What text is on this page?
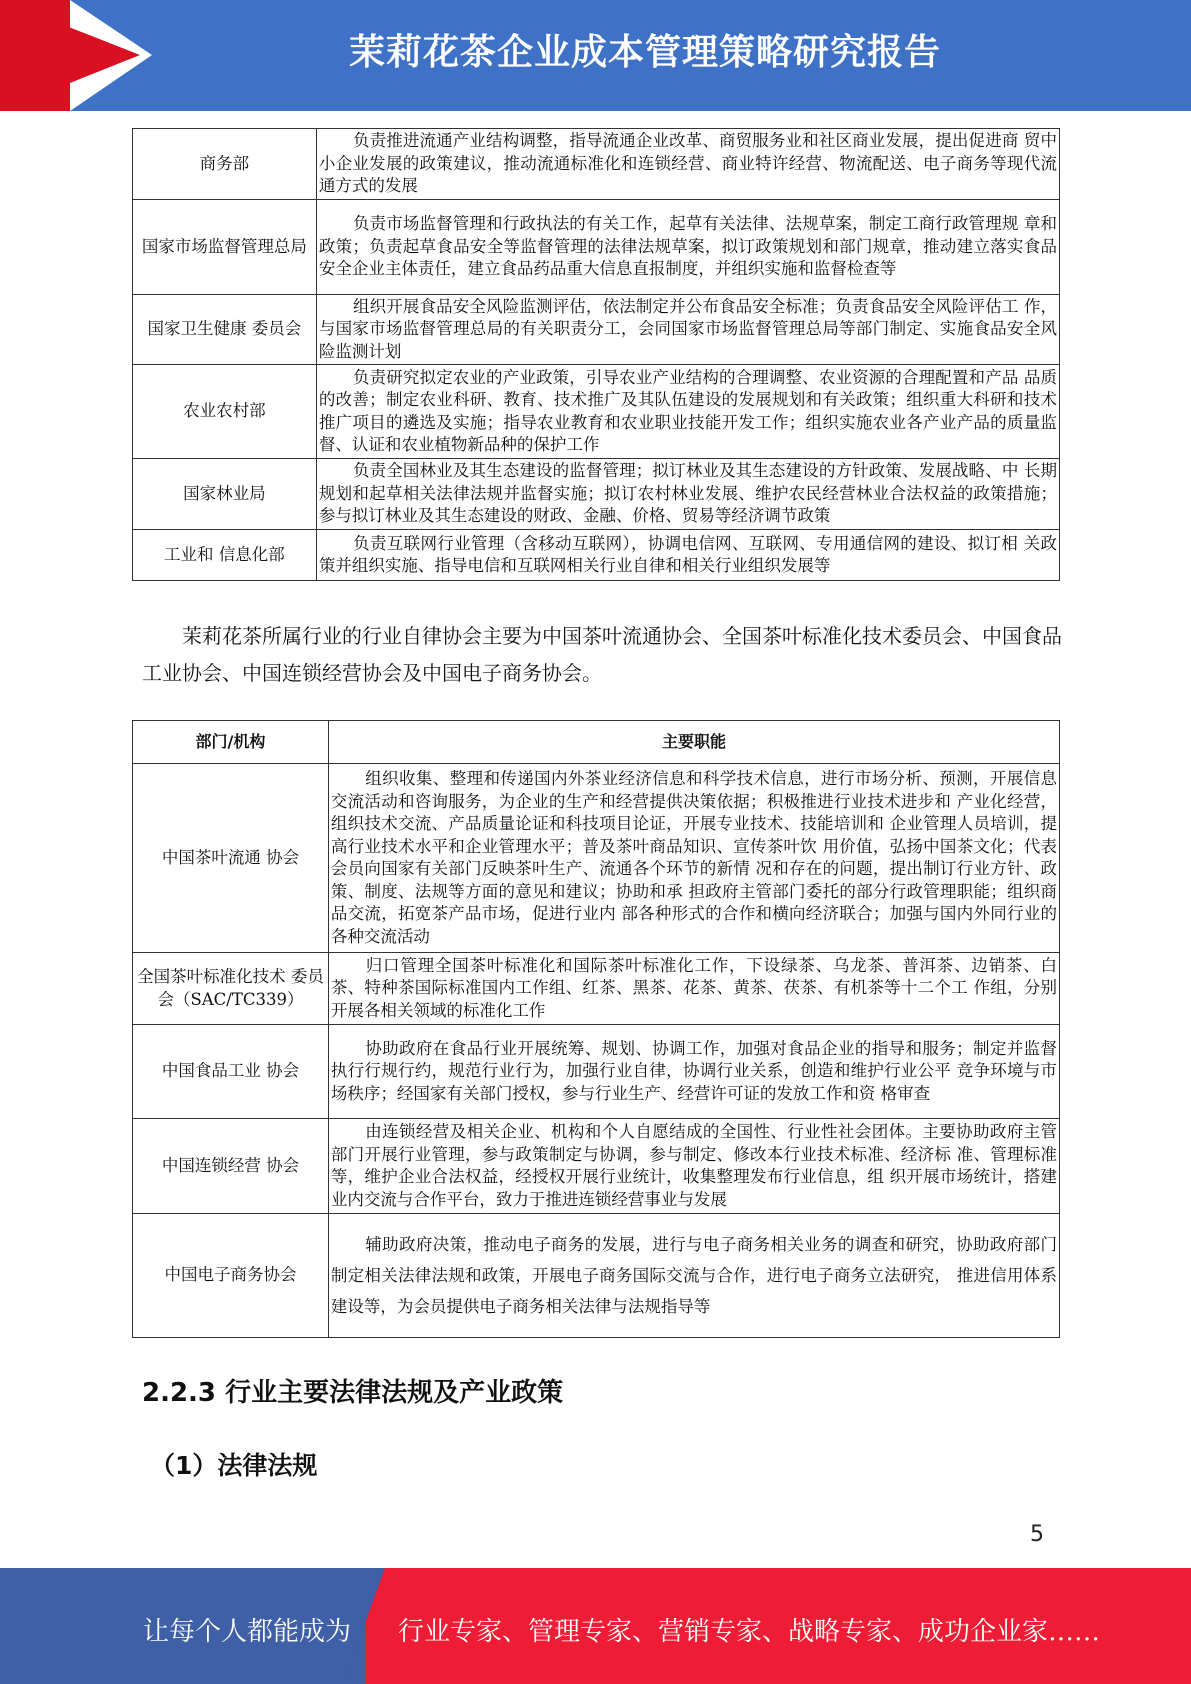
茉莉花茶企业成本管理策略研究报告
商务部	负责推进流通产业结构调整，指导流通企业改革、商贸服务业和社区商业发展，提出促进商 贸中小企业发展的政策建议，推动流通标准化和连锁经营、商业特许经营、物流配送、电子商务等现代流通方式的发展
国家市场监督管理总局	负责市场监督管理和行政执法的有关工作，起草有关法律、法规草案，制定工商行政管理规 章和政策；负责起草食品安全等监督管理的法律法规草案，拟订政策规划和部门规章，推动建立落实食品安全企业主体责任，建立食品药品重大信息直报制度，并组织实施和监督检查等
国家卫生健康 委员会	组织开展食品安全风险监测评估，依法制定并公布食品安全标准；负责食品安全风险评估工 作，与国家市场监督管理总局的有关职责分工，会同国家市场监督管理总局等部门制定、实施食品安全风险监测计划
农业农村部	负责研究拟定农业的产业政策，引导农业产业结构的合理调整、农业资源的合理配置和产品 品质的改善；制定农业科研、教育、技术推广及其队伍建设的发展规划和有关政策；组织重大科研和技术推广项目的遴选及实施；指导农业教育和农业职业技能开发工作；组织实施农业各产业产品的质量监督、认证和农业植物新品种的保护工作
国家林业局	负责全国林业及其生态建设的监督管理；拟订林业及其生态建设的方针政策、发展战略、中 长期规划和起草相关法律法规并监督实施；拟订农村林业发展、维护农民经营林业合法权益的政策措施；参与拟订林业及其生态建设的财政、金融、价格、贸易等经济调节政策
工业和 信息化部	负责互联网行业管理（含移动互联网），协调电信网、互联网、专用通信网的建设、拟订相 关政策并组织实施、指导电信和互联网相关行业自律和相关行业组织发展等
茉莉花茶所属行业的行业自律协会主要为中国茶叶流通协会、全国茶叶标准化技术委员会、中国食品工业协会、中国连锁经营协会及中国电子商务协会。
部门/机构	主要职能
中国茶叶流通 协会	组织收集、整理和传递国内外茶业经济信息和科学技术信息，进行市场分析、预测，开展信息交流活动和咨询服务，为企业的生产和经营提供决策依据；积极推进行业技术进步和 产业化经营，组织技术交流、产品质量论证和科技项目论证，开展专业技术、技能培训和 企业管理人员培训，提高行业技术水平和企业管理水平；普及茶叶商品知识、宣传茶叶饮 用价值，弘扬中国茶文化；代表会员向国家有关部门反映茶叶生产、流通各个环节的新情 况和存在的问题，提出制订行业方针、政策、制度、法规等方面的意见和建议；协助和承 担政府主管部门委托的部分行政管理职能；组织商品交流，拓宽茶产品市场，促进行业内 部各种形式的合作和横向经济联合；加强与国内外同行业的各种交流活动
全国茶叶标准化技术 委员会（SAC/TC339）	归口管理全国茶叶标准化和国际茶叶标准化工作，下设绿茶、乌龙茶、普洱茶、边销茶、白茶、特种茶国际标准国内工作组、红茶、黑茶、花茶、黄茶、茯茶、有机茶等十二个工 作组，分别开展各相关领域的标准化工作
中国食品工业 协会	协助政府在食品行业开展统筹、规划、协调工作，加强对食品企业的指导和服务；制定并监督执行行规行约，规范行业行为，加强行业自律，协调行业关系，创造和维护行业公平 竞争环境与市场秩序；经国家有关部门授权，参与行业生产、经营许可证的发放工作和资 格审查
中国连锁经营 协会	由连锁经营及相关企业、机构和个人自愿结成的全国性、行业性社会团体。主要协助政府主管部门开展行业管理，参与政策制定与协调，参与制定、修改本行业技术标准、经济标 准、管理标准等，维护企业合法权益，经授权开展行业统计，收集整理发布行业信息，组 织开展市场统计，搭建业内交流与合作平台，致力于推进连锁经营事业与发展
中国电子商务协会	辅助政府决策，推动电子商务的发展，进行与电子商务相关业务的调查和研究，协助政府部门制定相关法律法规和政策，开展电子商务国际交流与合作，进行电子商务立法研究， 推进信用体系建设等，为会员提供电子商务相关法律与法规指导等
2.2.3 行业主要法律法规及产业政策
（1）法律法规
5
让每个人都能成为 行业专家、管理专家、营销专家、战略专家、成功企业家……
